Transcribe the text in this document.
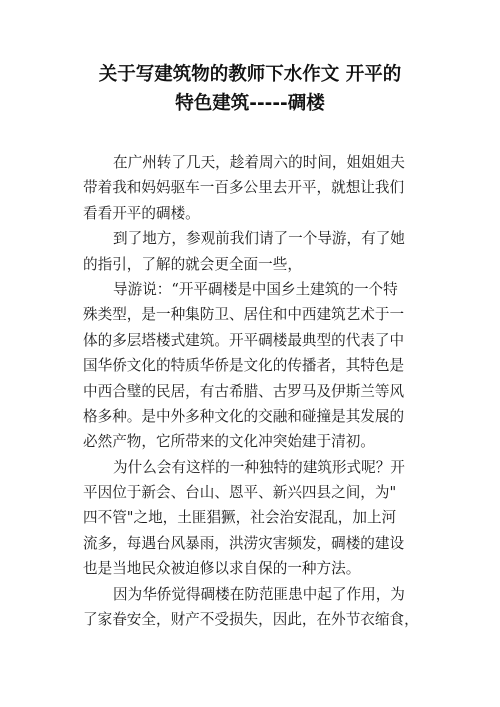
关于写建筑物的教师下水作文 开平的
特色建筑-----碉楼
在广州转了几天，趁着周六的时间，姐姐姐夫
带着我和妈妈驱车一百多公里去开平，就想让我们
看看开平的碉楼。
到了地方，参观前我们请了一个导游，有了她
的指引，了解的就会更全面一些，
导游说：“开平碉楼是中国乡土建筑的一个特
殊类型，是一种集防卫、居住和中西建筑艺术于一
体的多层塔楼式建筑。开平碉楼最典型的代表了中
国华侨文化的特质华侨是文化的传播者，其特色是
中西合璧的民居，有古希腊、古罗马及伊斯兰等风
格多种。是中外多种文化的交融和碰撞是其发展的
必然产物，它所带来的文化冲突始建于清初。
为什么会有这样的一种独特的建筑形式呢？开
平因位于新会、台山、恩平、新兴四县之间，为"
四不管"之地，土匪猖獗，社会治安混乱，加上河
流多，每遇台风暴雨，洪涝灾害频发，碉楼的建设
也是当地民众被迫修以求自保的一种方法。
因为华侨觉得碉楼在防范匪患中起了作用，为
了家眷安全，财产不受损失，因此，在外节衣缩食，
